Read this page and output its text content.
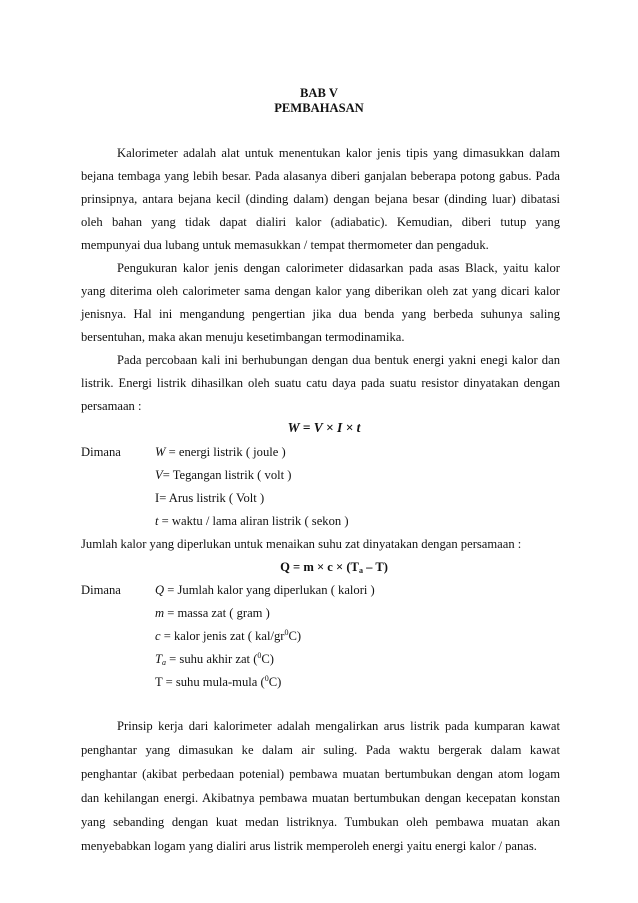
BAB V
PEMBAHASAN
Kalorimeter adalah alat untuk menentukan kalor jenis tipis yang dimasukkan dalam
bejana tembaga yang lebih besar. Pada alasanya diberi ganjalan beberapa potong gabus. Pada
prinsipnya, antara bejana kecil (dinding dalam) dengan bejana besar (dinding luar) dibatasi
oleh bahan yang tidak dapat dialiri kalor (adiabatic). Kemudian, diberi tutup yang
mempunyai dua lubang untuk memasukkan / tempat thermometer dan pengaduk.
Pengukuran kalor jenis dengan calorimeter didasarkan pada asas Black, yaitu kalor
yang diterima oleh calorimeter sama dengan kalor yang diberikan oleh zat yang dicari kalor
jenisnya. Hal ini mengandung pengertian jika dua benda yang berbeda suhunya saling
bersentuhan, maka akan menuju kesetimbangan termodinamika.
Pada percobaan kali ini berhubungan dengan dua bentuk energi yakni enegi kalor dan
listrik. Energi listrik dihasilkan oleh suatu catu daya pada suatu resistor dinyatakan dengan
persamaan :
W = V × I × t
Dimana	W = energi listrik ( joule )
V= Tegangan listrik ( volt )
I= Arus listrik ( Volt )
t = waktu / lama aliran listrik ( sekon )
Jumlah kalor yang diperlukan untuk menaikan suhu zat dinyatakan dengan persamaan :
$Q = m \times c \times (T_a - T)$
Dimana	Q = Jumlah kalor yang diperlukan ( kalori )
m = massa zat ( gram )
c = kalor jenis zat ( kal/$gr^0C$)
$T_a$ = suhu akhir zat ($^0$C)
T = suhu mula-mula ($^0$C)
Prinsip kerja dari kalorimeter adalah mengalirkan arus listrik pada kumparan kawat
penghantar yang dimasukan ke dalam air suling. Pada waktu bergerak dalam kawat
penghantar (akibat perbedaan potenial) pembawa muatan bertumbukan dengan atom logam
dan kehilangan energi. Akibatnya pembawa muatan bertumbukan dengan kecepatan konstan
yang sebanding dengan kuat medan listriknya. Tumbukan oleh pembawa muatan akan
menyebabkan logam yang dialiri arus listrik memperoleh energi yaitu energi kalor / panas.
